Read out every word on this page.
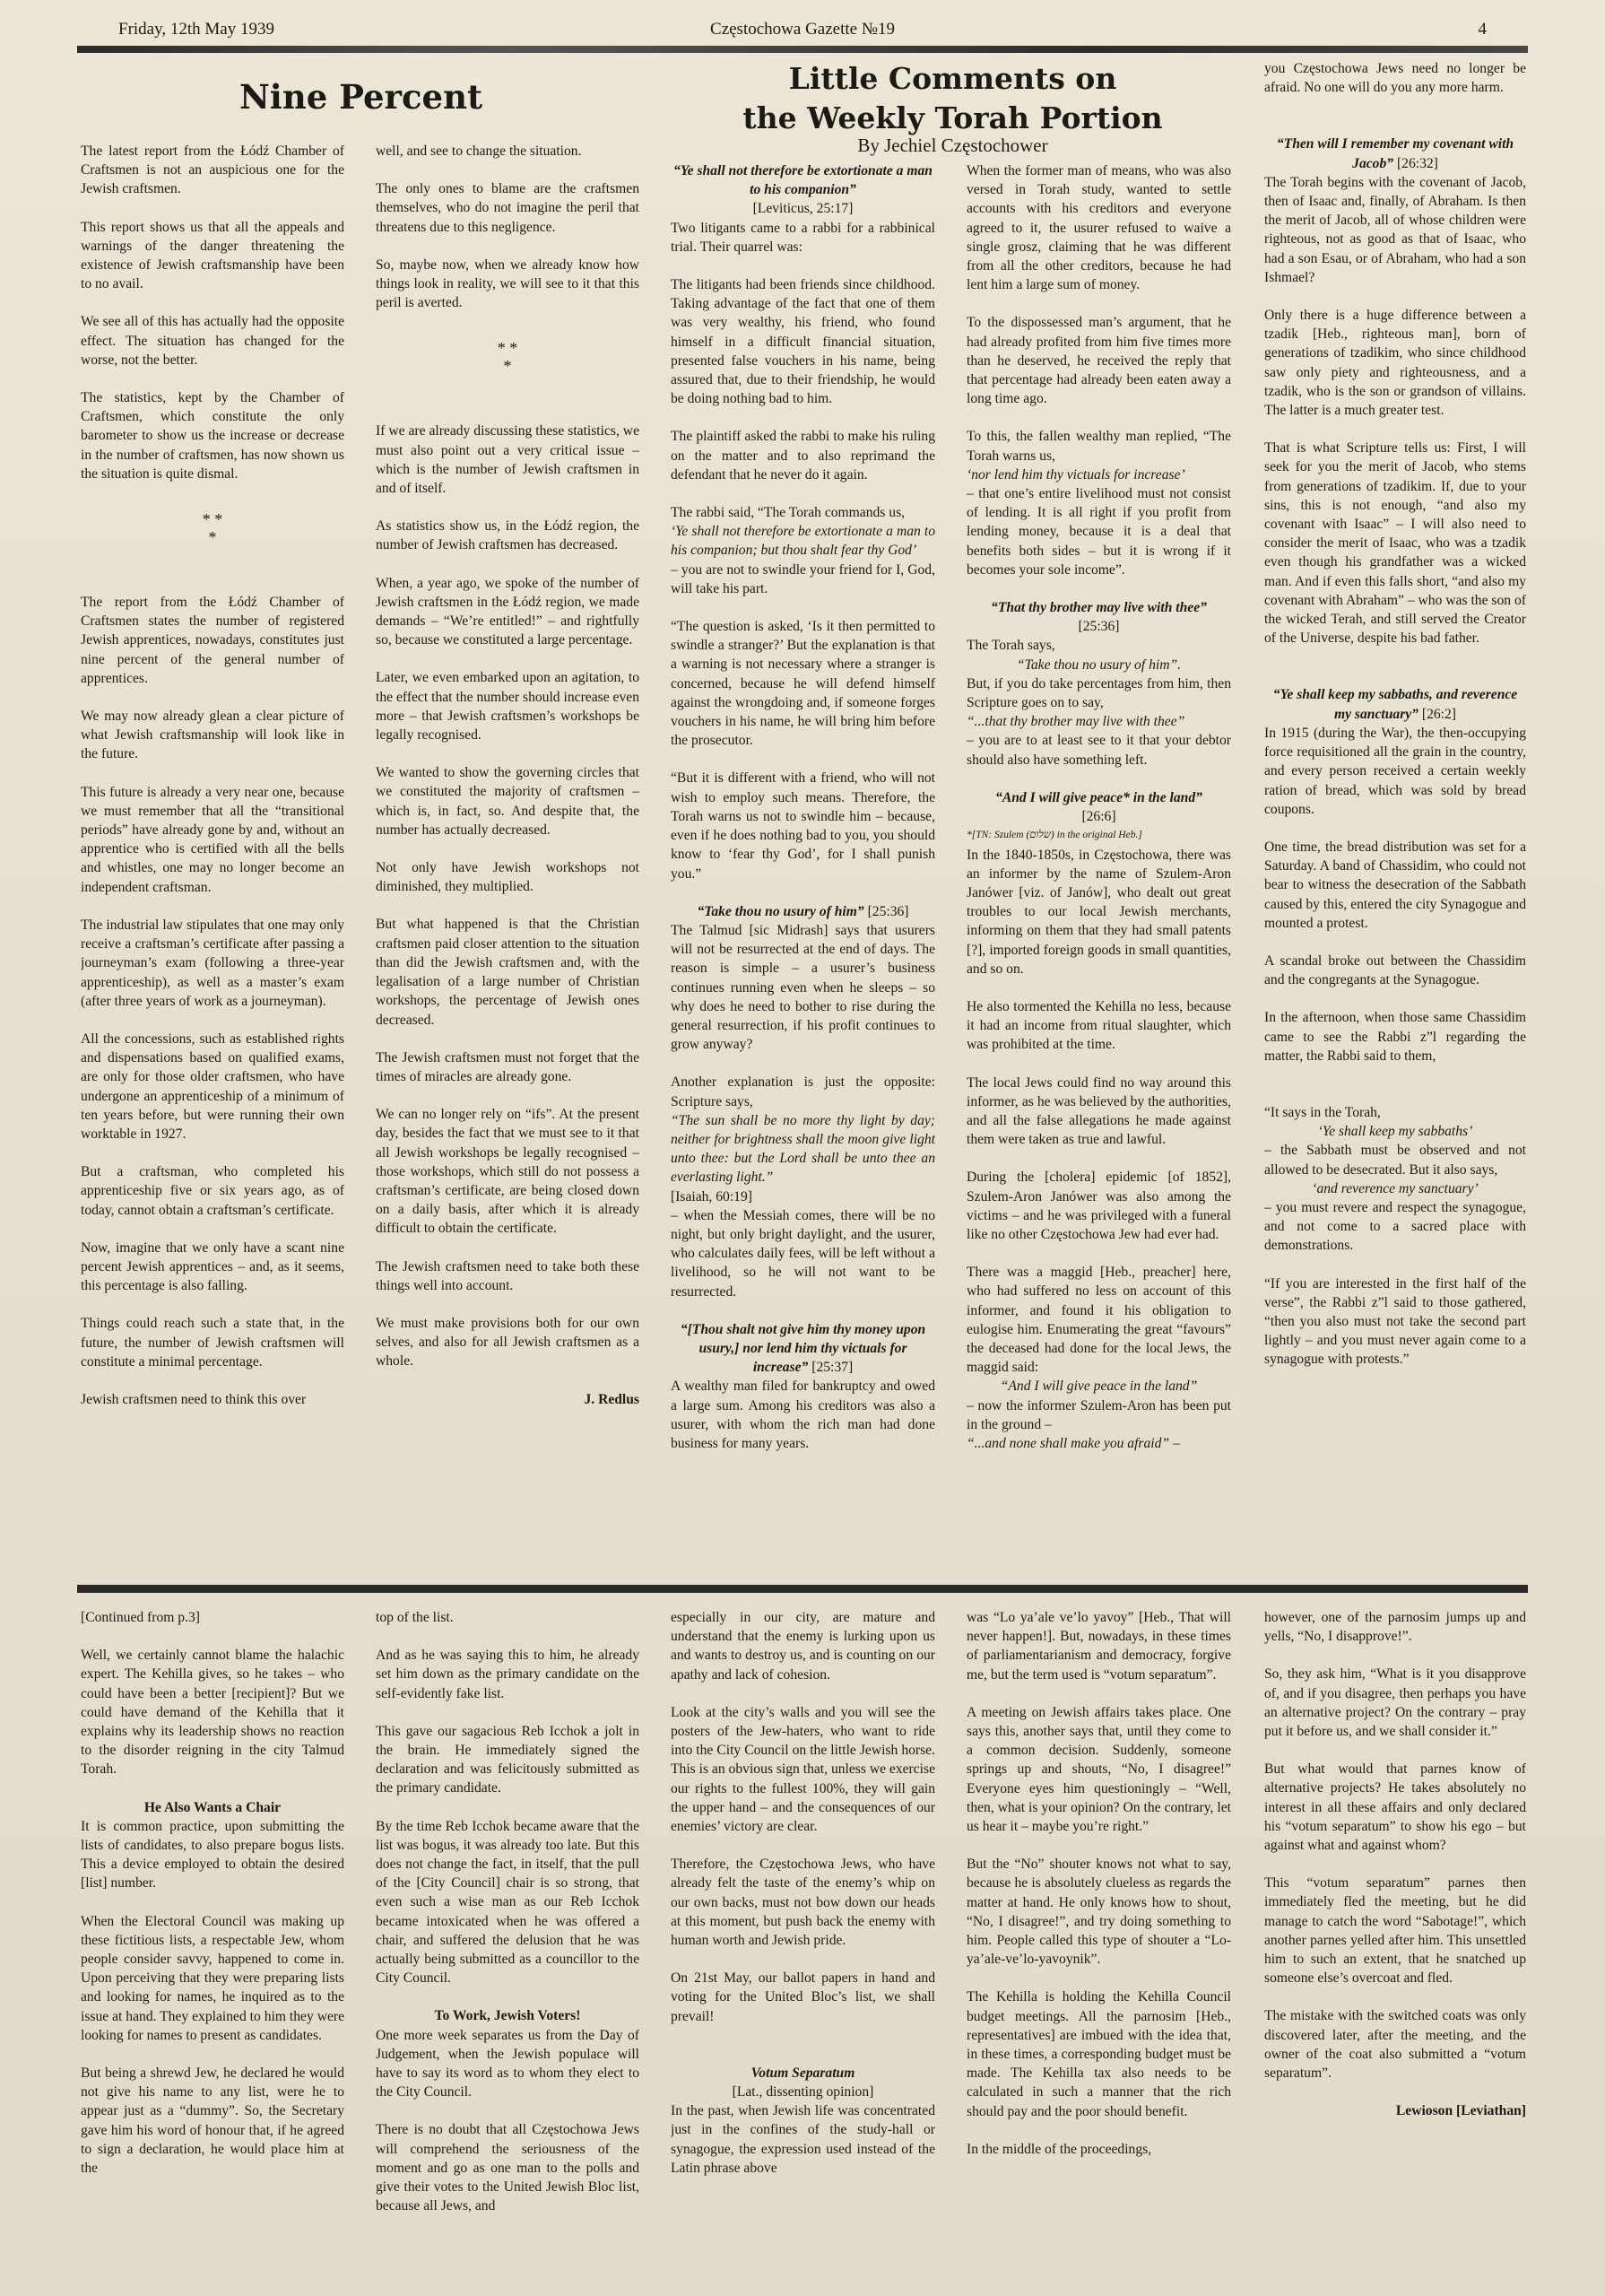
Friday, 12th May 1939	Częstochowa Gazette №19	4
Nine Percent

The latest report from the Łódź Chamber of Craftsmen is not an auspicious one for the Jewish craftsmen.

This report shows us that all the appeals and warnings of the danger threatening the existence of Jewish craftsmanship have been to no avail.

We see all of this has actually had the opposite effect. The situation has changed for the worse, not the better.

The statistics, kept by the Chamber of Craftsmen, which constitute the only barometer to show us the increase or decrease in the number of craftsmen, has now shown us the situation is quite dismal.

* *
*

The report from the Łódź Chamber of Craftsmen states the number of registered Jewish apprentices, nowadays, constitutes just nine percent of the general number of apprentices.

We may now already glean a clear picture of what Jewish craftsmanship will look like in the future.

This future is already a very near one, because we must remember that all the “transitional periods” have already gone by and, without an apprentice who is certified with all the bells and whistles, one may no longer become an independent craftsman.

The industrial law stipulates that one may only receive a craftsman’s certificate after passing a journeyman’s exam (following a three-year apprenticeship), as well as a master’s exam (after three years of work as a journeyman).

All the concessions, such as established rights and dispensations based on qualified exams, are only for those older craftsmen, who have undergone an apprenticeship of a minimum of ten years before, but were running their own worktable in 1927.

But a craftsman, who completed his apprenticeship five or six years ago, as of today, cannot obtain a craftsman’s certificate.

Now, imagine that we only have a scant nine percent Jewish apprentices – and, as it seems, this percentage is also falling.

Things could reach such a state that, in the future, the number of Jewish craftsmen will constitute a minimal percentage.

Jewish craftsmen need to think this over

well, and see to change the situation.

The only ones to blame are the craftsmen themselves, who do not imagine the peril that threatens due to this negligence.

So, maybe now, when we already know how things look in reality, we will see to it that this peril is averted.

* *
*

If we are already discussing these statistics, we must also point out a very critical issue – which is the number of Jewish craftsmen in and of itself.

As statistics show us, in the Łódź region, the number of Jewish craftsmen has decreased.

When, a year ago, we spoke of the number of Jewish craftsmen in the Łódź region, we made demands – “We’re entitled!” – and rightfully so, because we constituted a large percentage.

Later, we even embarked upon an agitation, to the effect that the number should increase even more – that Jewish craftsmen’s workshops be legally recognised.

We wanted to show the governing circles that we constituted the majority of craftsmen – which is, in fact, so. And despite that, the number has actually decreased.

Not only have Jewish workshops not diminished, they multiplied.

But what happened is that the Christian craftsmen paid closer attention to the situation than did the Jewish craftsmen and, with the legalisation of a large number of Christian workshops, the percentage of Jewish ones decreased.

The Jewish craftsmen must not forget that the times of miracles are already gone.

We can no longer rely on “ifs”. At the present day, besides the fact that we must see to it that all Jewish workshops be legally recognised – those workshops, which still do not possess a craftsman’s certificate, are being closed down on a daily basis, after which it is already difficult to obtain the certificate.

The Jewish craftsmen need to take both these things well into account.

We must make provisions both for our own selves, and also for all Jewish craftsmen as a whole.

J. Redlus
Little Comments on
the Weekly Torah Portion
By Jechiel Częstochower

“Ye shall not therefore be extortionate a man to his companion”

[Leviticus, 25:17]

Two litigants came to a rabbi for a rabbinical trial. Their quarrel was:

The litigants had been friends since childhood. Taking advantage of the fact that one of them was very wealthy, his friend, who found himself in a difficult financial situation, presented false vouchers in his name, being assured that, due to their friendship, he would be doing nothing bad to him.

The plaintiff asked the rabbi to make his ruling on the matter and to also reprimand the defendant that he never do it again.

The rabbi said, “The Torah commands us,

‘Ye shall not therefore be extortionate a man to his companion; but thou shalt fear thy God’

– you are not to swindle your friend for I, God, will take his part.

“The question is asked, ‘Is it then permitted to swindle a stranger?’ But the explanation is that a warning is not necessary where a stranger is concerned, because he will defend himself against the wrongdoing and, if someone forges vouchers in his name, he will bring him before the prosecutor.

“But it is different with a friend, who will not wish to employ such means. Therefore, the Torah warns us not to swindle him – because, even if he does nothing bad to you, you should know to ‘fear thy God’, for I shall punish you.”

“Take thou no usury of him” [25:36]

The Talmud [sic Midrash] says that usurers will not be resurrected at the end of days. The reason is simple – a usurer’s business continues running even when he sleeps – so why does he need to bother to rise during the general resurrection, if his profit continues to grow anyway?

Another explanation is just the opposite: Scripture says,

“The sun shall be no more thy light by day; neither for brightness shall the moon give light unto thee: but the Lord shall be unto thee an everlasting light.”

[Isaiah, 60:19]

– when the Messiah comes, there will be no night, but only bright daylight, and the usurer, who calculates daily fees, will be left without a livelihood, so he will not want to be resurrected.

“[Thou shalt not give him thy money upon usury,] nor lend him thy victuals for increase” [25:37]

A wealthy man filed for bankruptcy and owed a large sum. Among his creditors was also a usurer, with whom the rich man had done business for many years.

When the former man of means, who was also versed in Torah study, wanted to settle accounts with his creditors and everyone agreed to it, the usurer refused to waive a single grosz, claiming that he was different from all the other creditors, because he had lent him a large sum of money.

To the dispossessed man’s argument, that he had already profited from him five times more than he deserved, he received the reply that that percentage had already been eaten away a long time ago.

To this, the fallen wealthy man replied, “The Torah warns us,

‘nor lend him thy victuals for increase’

– that one’s entire livelihood must not consist of lending. It is all right if you profit from lending money, because it is a deal that benefits both sides – but it is wrong if it becomes your sole income”.

“That thy brother may live with thee”

[25:36]

The Torah says,

“Take thou no usury of him”.

But, if you do take percentages from him, then Scripture goes on to say,

“...that thy brother may live with thee”

– you are to at least see to it that your debtor should also have something left.

“And I will give peace* in the land”

[26:6]

*[TN: Szulem (שלום) in the original Heb.]

In the 1840-1850s, in Częstochowa, there was an informer by the name of Szulem-Aron Janówer [viz. of Janów], who dealt out great troubles to our local Jewish merchants, informing on them that they had small patents [?], imported foreign goods in small quantities, and so on.

He also tormented the Kehilla no less, because it had an income from ritual slaughter, which was prohibited at the time.

The local Jews could find no way around this informer, as he was believed by the authorities, and all the false allegations he made against them were taken as true and lawful.

During the [cholera] epidemic [of 1852], Szulem-Aron Janówer was also among the victims – and he was privileged with a funeral like no other Częstochowa Jew had ever had.

There was a maggid [Heb., preacher] here, who had suffered no less on account of this informer, and found it his obligation to eulogise him. Enumerating the great “favours” the deceased had done for the local Jews, the maggid said:

“And I will give peace in the land”

– now the informer Szulem-Aron has been put in the ground –

“...and none shall make you afraid” –

you Częstochowa Jews need no longer be afraid. No one will do you any more harm.

“Then will I remember my covenant with Jacob” [26:32]

The Torah begins with the covenant of Jacob, then of Isaac and, finally, of Abraham. Is then the merit of Jacob, all of whose children were righteous, not as good as that of Isaac, who had a son Esau, or of Abraham, who had a son Ishmael?

Only there is a huge difference between a tzadik [Heb., righteous man], born of generations of tzadikim, who since childhood saw only piety and righteousness, and a tzadik, who is the son or grandson of villains. The latter is a much greater test.

That is what Scripture tells us: First, I will seek for you the merit of Jacob, who stems from generations of tzadikim. If, due to your sins, this is not enough, “and also my covenant with Isaac” – I will also need to consider the merit of Isaac, who was a tzadik even though his grandfather was a wicked man. And if even this falls short, “and also my covenant with Abraham” – who was the son of the wicked Terah, and still served the Creator of the Universe, despite his bad father.

“Ye shall keep my sabbaths, and reverence my sanctuary” [26:2]

In 1915 (during the War), the then-occupying force requisitioned all the grain in the country, and every person received a certain weekly ration of bread, which was sold by bread coupons.

One time, the bread distribution was set for a Saturday. A band of Chassidim, who could not bear to witness the desecration of the Sabbath caused by this, entered the city Synagogue and mounted a protest.

A scandal broke out between the Chassidim and the congregants at the Synagogue.

In the afternoon, when those same Chassidim came to see the Rabbi z”l regarding the matter, the Rabbi said to them,

“It says in the Torah,

‘Ye shall keep my sabbaths’

– the Sabbath must be observed and not allowed to be desecrated. But it also says,

‘and reverence my sanctuary’

– you must revere and respect the synagogue, and not come to a sacred place with demonstrations.

“If you are interested in the first half of the verse”, the Rabbi z”l said to those gathered, “then you also must not take the second part lightly – and you must never again come to a synagogue with protests.”

[Continued from p.3]

Well, we certainly cannot blame the halachic expert. The Kehilla gives, so he takes – who could have been a better [recipient]? But we could have demand of the Kehilla that it explains why its leadership shows no reaction to the disorder reigning in the city Talmud Torah.

He Also Wants a Chair

It is common practice, upon submitting the lists of candidates, to also prepare bogus lists. This a device employed to obtain the desired [list] number.

When the Electoral Council was making up these fictitious lists, a respectable Jew, whom people consider savvy, happened to come in. Upon perceiving that they were preparing lists and looking for names, he inquired as to the issue at hand. They explained to him they were looking for names to present as candidates.

But being a shrewd Jew, he declared he would not give his name to any list, were he to appear just as a “dummy”. So, the Secretary gave him his word of honour that, if he agreed to sign a declaration, he would place him at the

top of the list.

And as he was saying this to him, he already set him down as the primary candidate on the self-evidently fake list.

This gave our sagacious Reb Icchok a jolt in the brain. He immediately signed the declaration and was felicitously submitted as the primary candidate.

By the time Reb Icchok became aware that the list was bogus, it was already too late. But this does not change the fact, in itself, that the pull of the [City Council] chair is so strong, that even such a wise man as our Reb Icchok became intoxicated when he was offered a chair, and suffered the delusion that he was actually being submitted as a councillor to the City Council.

To Work, Jewish Voters!

One more week separates us from the Day of Judgement, when the Jewish populace will have to say its word as to whom they elect to the City Council.

There is no doubt that all Częstochowa Jews will comprehend the seriousness of the moment and go as one man to the polls and give their votes to the United Jewish Bloc list, because all Jews, and

especially in our city, are mature and understand that the enemy is lurking upon us and wants to destroy us, and is counting on our apathy and lack of cohesion.

Look at the city’s walls and you will see the posters of the Jew-haters, who want to ride into the City Council on the little Jewish horse. This is an obvious sign that, unless we exercise our rights to the fullest 100%, they will gain the upper hand – and the consequences of our enemies’ victory are clear.

Therefore, the Częstochowa Jews, who have already felt the taste of the enemy’s whip on our own backs, must not bow down our heads at this moment, but push back the enemy with human worth and Jewish pride.

On 21st May, our ballot papers in hand and voting for the United Bloc’s list, we shall prevail!

Votum Separatum

[Lat., dissenting opinion]

In the past, when Jewish life was concentrated just in the confines of the study-hall or synagogue, the expression used instead of the Latin phrase above

was “Lo ya’ale ve’lo yavoy” [Heb., That will never happen!]. But, nowadays, in these times of parliamentarianism and democracy, forgive me, but the term used is “votum separatum”.

A meeting on Jewish affairs takes place. One says this, another says that, until they come to a common decision. Suddenly, someone springs up and shouts, “No, I disagree!” Everyone eyes him questioningly – “Well, then, what is your opinion? On the contrary, let us hear it – maybe you’re right.”

But the “No” shouter knows not what to say, because he is absolutely clueless as regards the matter at hand. He only knows how to shout, “No, I disagree!”, and try doing something to him. People called this type of shouter a “Lo-ya’ale-ve’lo-yavoynik”.

The Kehilla is holding the Kehilla Council budget meetings. All the parnosim [Heb., representatives] are imbued with the idea that, in these times, a corresponding budget must be made. The Kehilla tax also needs to be calculated in such a manner that the rich should pay and the poor should benefit.

In the middle of the proceedings,

however, one of the parnosim jumps up and yells, “No, I disapprove!”.

So, they ask him, “What is it you disapprove of, and if you disagree, then perhaps you have an alternative project? On the contrary – pray put it before us, and we shall consider it.”

But what would that parnes know of alternative projects? He takes absolutely no interest in all these affairs and only declared his “votum separatum” to show his ego – but against what and against whom?

This “votum separatum” parnes then immediately fled the meeting, but he did manage to catch the word “Sabotage!”, which another parnes yelled after him. This unsettled him to such an extent, that he snatched up someone else’s overcoat and fled.

The mistake with the switched coats was only discovered later, after the meeting, and the owner of the coat also submitted a “votum separatum”.

Lewioson [Leviathan]
